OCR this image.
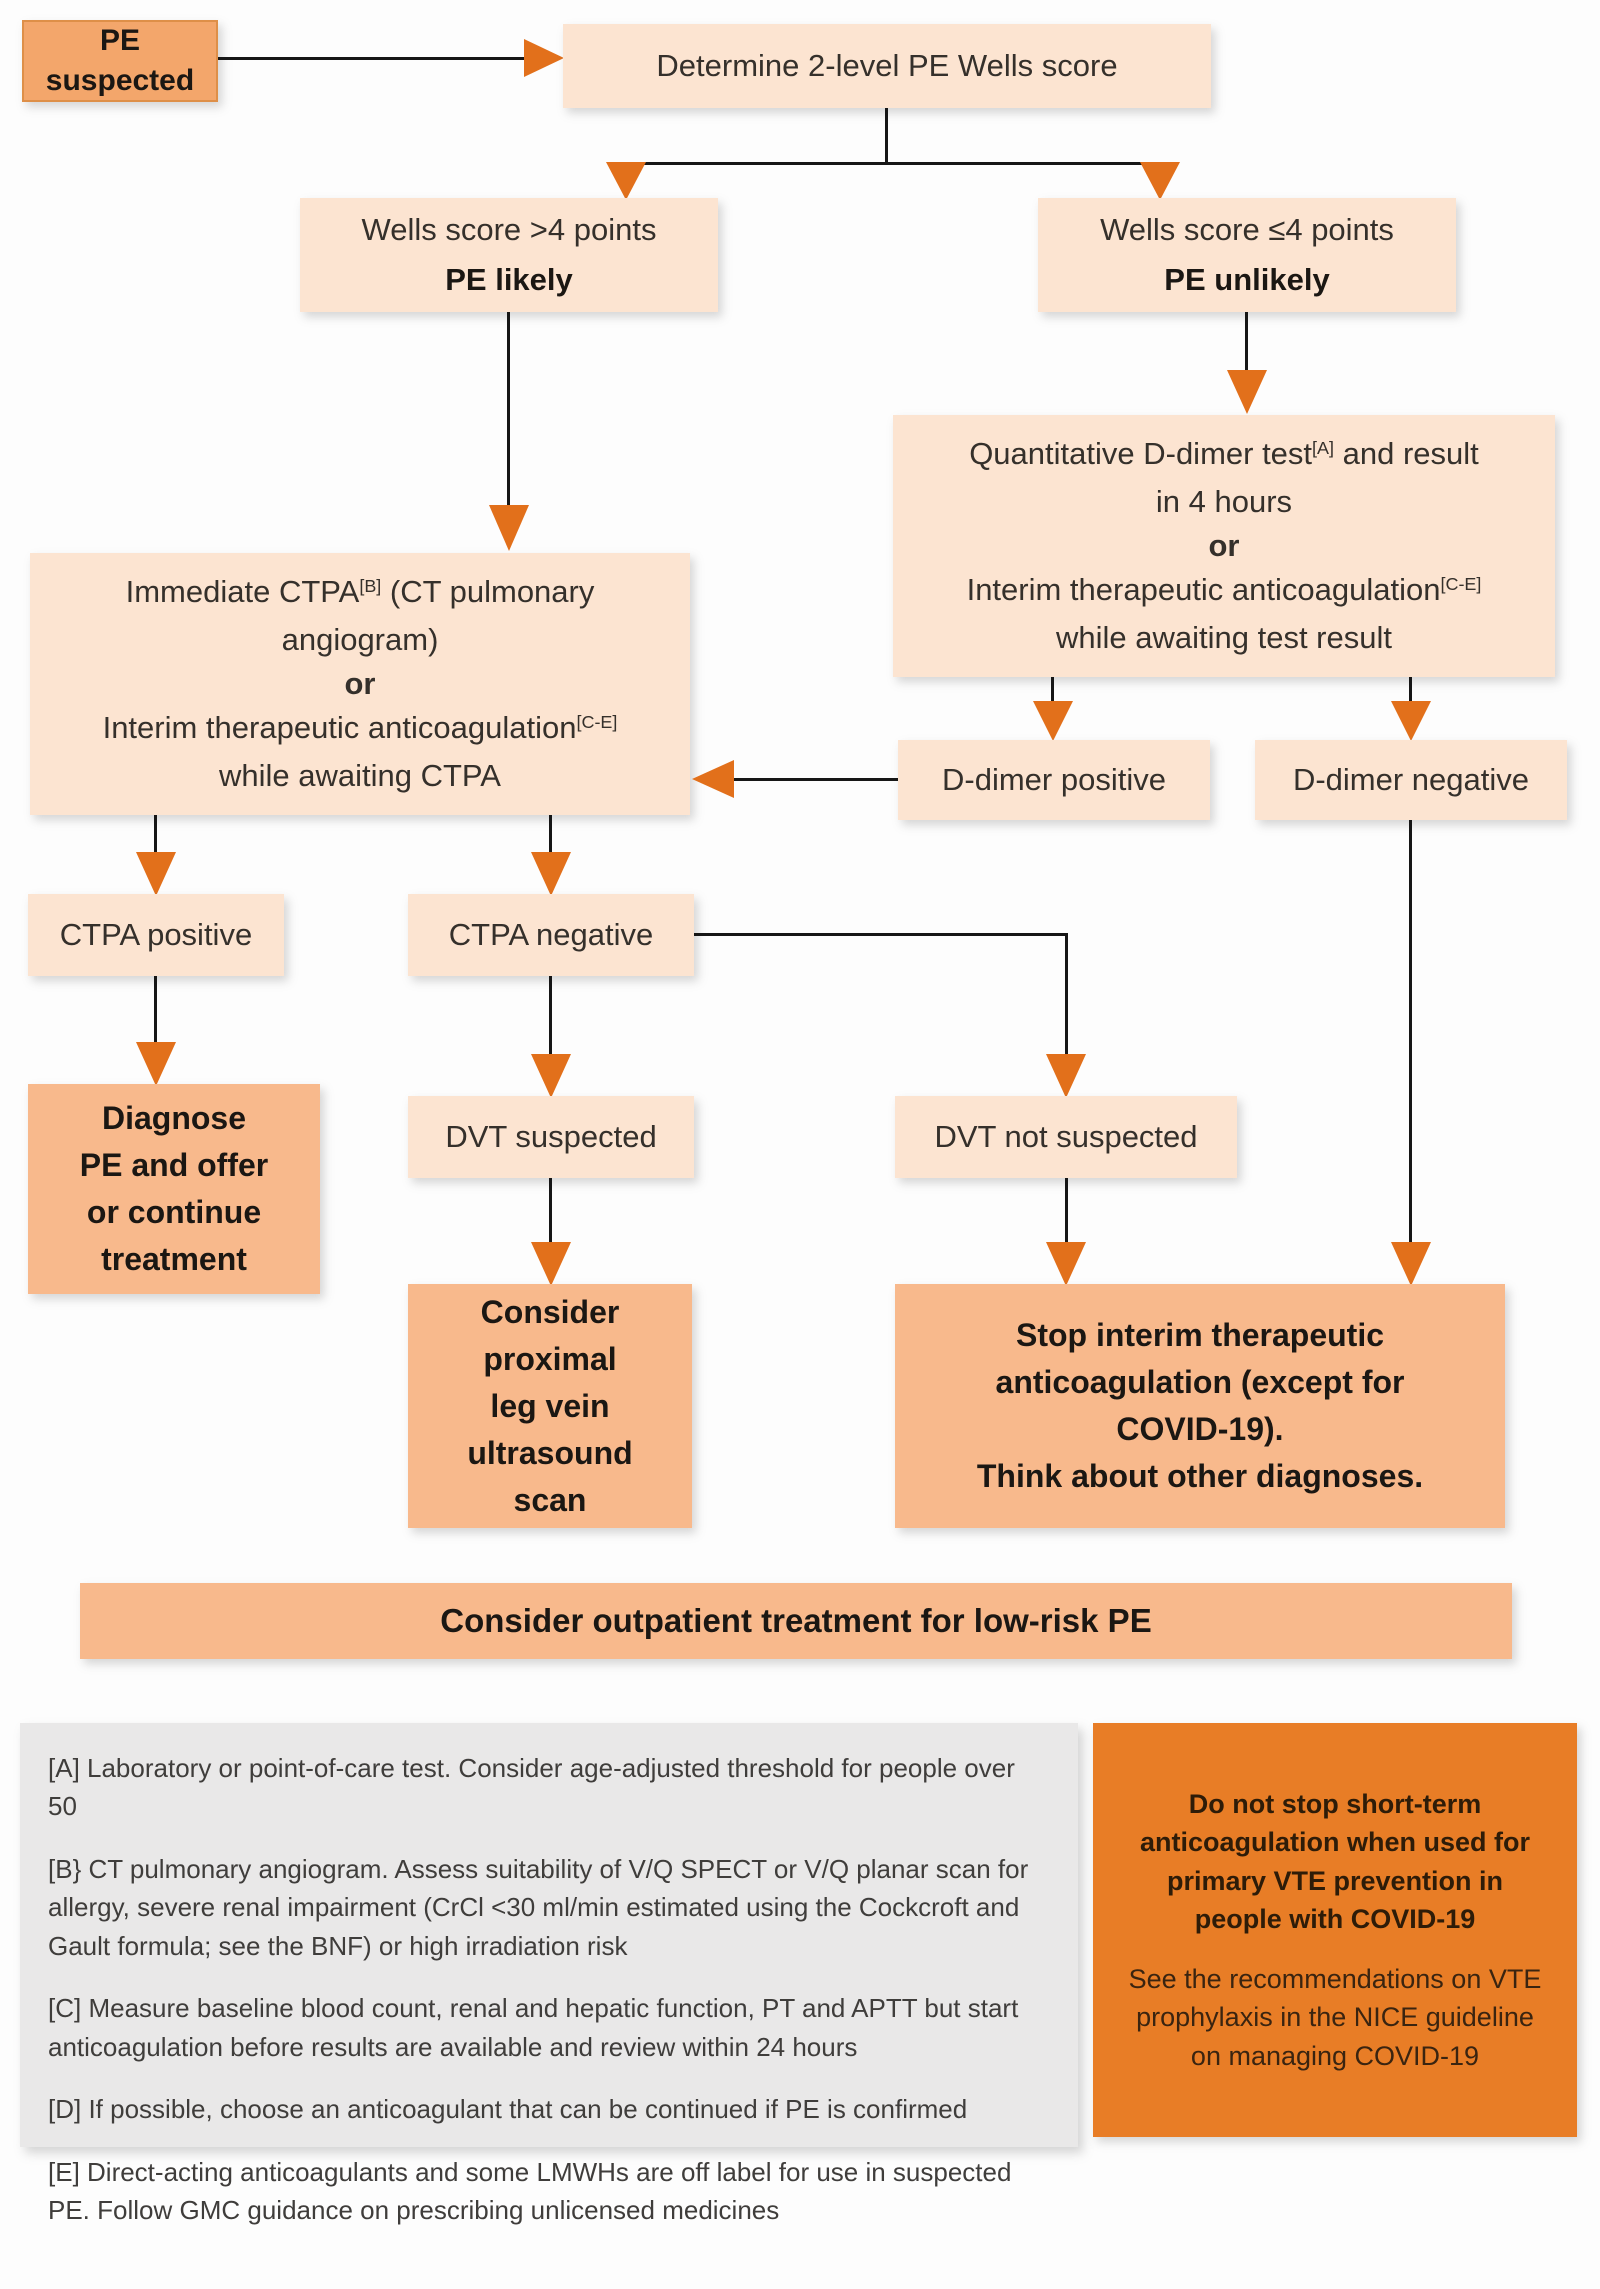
PE suspected	Determine 2-level PE Wells score
Wells score >4 points
PE likely
Wells score ≤4 points
PE unlikely
Immediate CTPA[B] (CT pulmonary
angiogram)
or
Interim therapeutic anticoagulation[C-E]
while awaiting CTPA
Quantitative D-dimer test[A] and result
in 4 hours
or
Interim therapeutic anticoagulation[C-E]
while awaiting test result
D-dimer positive	D-dimer negative
CTPA positive	CTPA negative
Diagnose
PE and offer
or continue
treatment
DVT suspected	DVT not suspected
Consider
proximal
leg vein
ultrasound
scan
Stop interim therapeutic
anticoagulation (except for
COVID-19).
Think about other diagnoses.
Consider outpatient treatment for low-risk PE

[A] Laboratory or point-of-care test. Consider age-adjusted threshold for people over 50

[B} CT pulmonary angiogram. Assess suitability of V/Q SPECT or V/Q planar scan for allergy, severe renal impairment (CrCl <30 ml/min estimated using the Cockcroft and Gault formula; see the BNF) or high irradiation risk

[C] Measure baseline blood count, renal and hepatic function, PT and APTT but start anticoagulation before results are available and review within 24 hours

[D] If possible, choose an anticoagulant that can be continued if PE is confirmed

[E] Direct-acting anticoagulants and some LMWHs are off label for use in suspected PE. Follow GMC guidance on prescribing unlicensed medicines

Do not stop short-term anticoagulation when used for primary VTE prevention in people with COVID-19
See the recommendations on VTE prophylaxis in the NICE guideline on managing COVID-19
